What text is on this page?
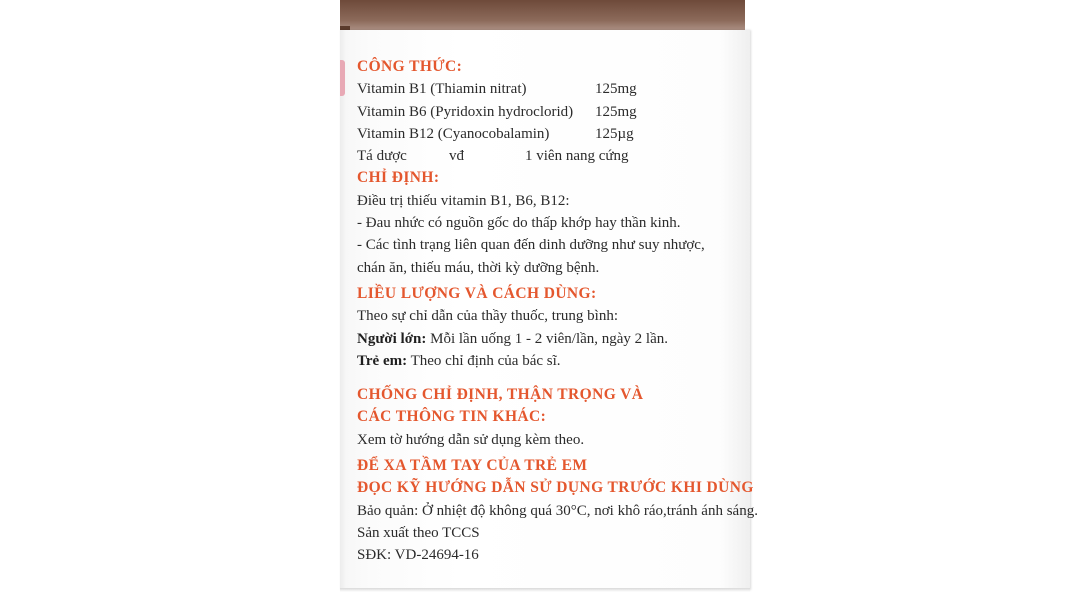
CÔNG THỨC:
Vitamin B1 (Thiamin nitrat)	125mg
Vitamin B6 (Pyridoxin hydroclorid)	125mg
Vitamin B12 (Cyanocobalamin)	125µg
Tá dược	vđ	1 viên nang cứng
CHỈ ĐỊNH:
Điều trị thiếu vitamin B1, B6, B12:
- Đau nhức có nguồn gốc do thấp khớp hay thần kinh.
- Các tình trạng liên quan đến dinh dưỡng như suy nhược,
chán ăn, thiếu máu, thời kỳ dưỡng bệnh.
LIỀU LƯỢNG VÀ CÁCH DÙNG:
Theo sự chỉ dẫn của thầy thuốc, trung bình:
Người lớn: Mỗi lần uống 1 - 2 viên/lần, ngày 2 lần.
Trẻ em: Theo chỉ định của bác sĩ.
CHỐNG CHỈ ĐỊNH, THẬN TRỌNG VÀ
CÁC THÔNG TIN KHÁC:
Xem tờ hướng dẫn sử dụng kèm theo.
ĐỂ XA TẦM TAY CỦA TRẺ EM
ĐỌC KỸ HƯỚNG DẪN SỬ DỤNG TRƯỚC KHI DÙNG
Bảo quản: Ở nhiệt độ không quá 30°C, nơi khô ráo,tránh ánh sáng.
Sản xuất theo TCCS
SĐK: VD-24694-16
